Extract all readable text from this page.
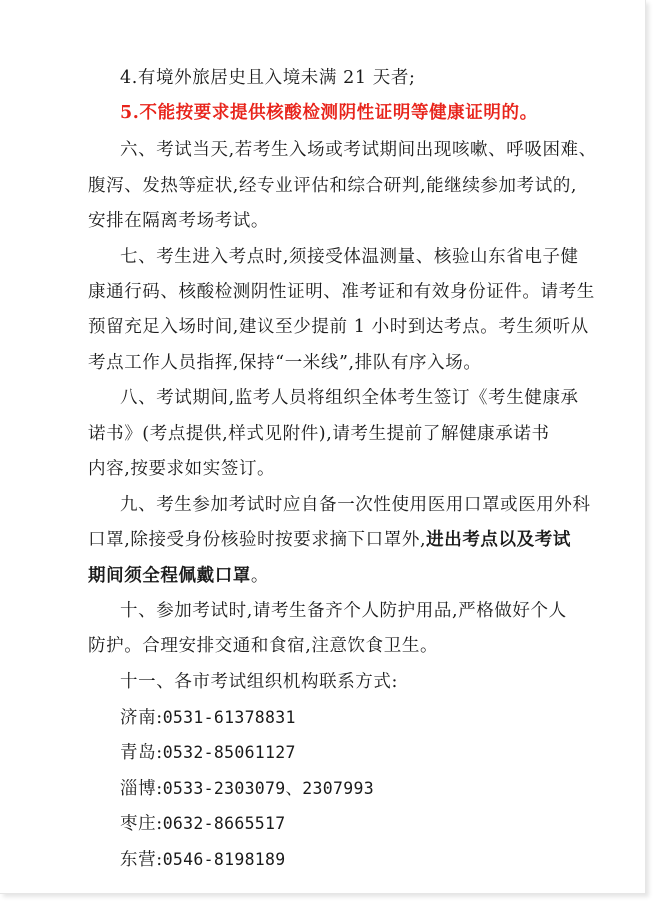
4.有境外旅居史且入境未满 21 天者;
5.不能按要求提供核酸检测阴性证明等健康证明的。
六、考试当天,若考生入场或考试期间出现咳嗽、呼吸困难、
腹泻、发热等症状,经专业评估和综合研判,能继续参加考试的,
安排在隔离考场考试。
七、考生进入考点时,须接受体温测量、核验山东省电子健
康通行码、核酸检测阴性证明、准考证和有效身份证件。请考生
预留充足入场时间,建议至少提前 1 小时到达考点。考生须听从
考点工作人员指挥,保持“一米线”,排队有序入场。
八、考试期间,监考人员将组织全体考生签订《考生健康承
诺书》(考点提供,样式见附件),请考生提前了解健康承诺书
内容,按要求如实签订。
九、考生参加考试时应自备一次性使用医用口罩或医用外科
口罩,除接受身份核验时按要求摘下口罩外,进出考点以及考试
期间须全程佩戴口罩。
十、参加考试时,请考生备齐个人防护用品,严格做好个人
防护。合理安排交通和食宿,注意饮食卫生。
十一、各市考试组织机构联系方式:
济南:0531-61378831
青岛:0532-85061127
淄博:0533-2303079、2307993
枣庄:0632-8665517
东营:0546-8198189
